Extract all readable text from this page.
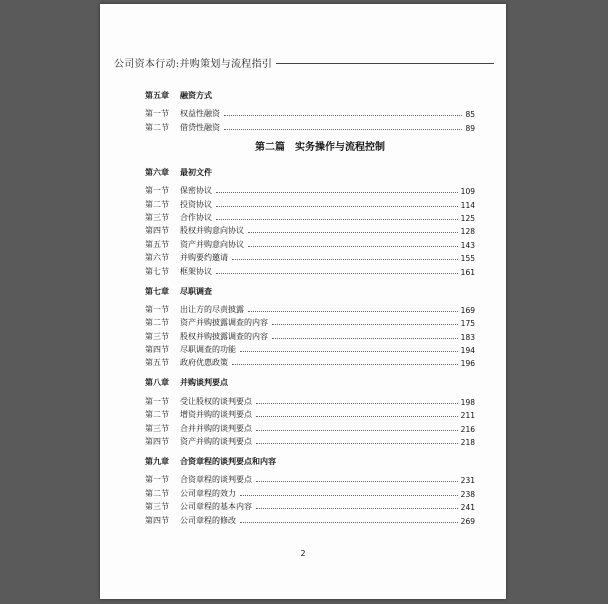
公司资本行动:并购策划与流程指引
第五章 融资方式
第一节	权益性融资	85
第二节	借贷性融资	89
第二篇　实务操作与流程控制
第六章 最初文件
第一节	保密协议	109
第二节	投资协议	114
第三节	合作协议	125
第四节	股权并购意向协议	128
第五节	资产并购意向协议	143
第六节	并购要约邀请	155
第七节	框架协议	161
第七章 尽职调查
第一节	出让方的尽责披露	169
第二节	资产并购披露调查的内容	175
第三节	股权并购披露调查的内容	183
第四节	尽职调查的功能	194
第五节	政府优惠政策	196
第八章 并购谈判要点
第一节	受让股权的谈判要点	198
第二节	增资并购的谈判要点	211
第三节	合并并购的谈判要点	216
第四节	资产并购的谈判要点	218
第九章 合资章程的谈判要点和内容
第一节	合资章程的谈判要点	231
第二节	公司章程的效力	238
第三节	公司章程的基本内容	241
第四节	公司章程的修改	269
2
